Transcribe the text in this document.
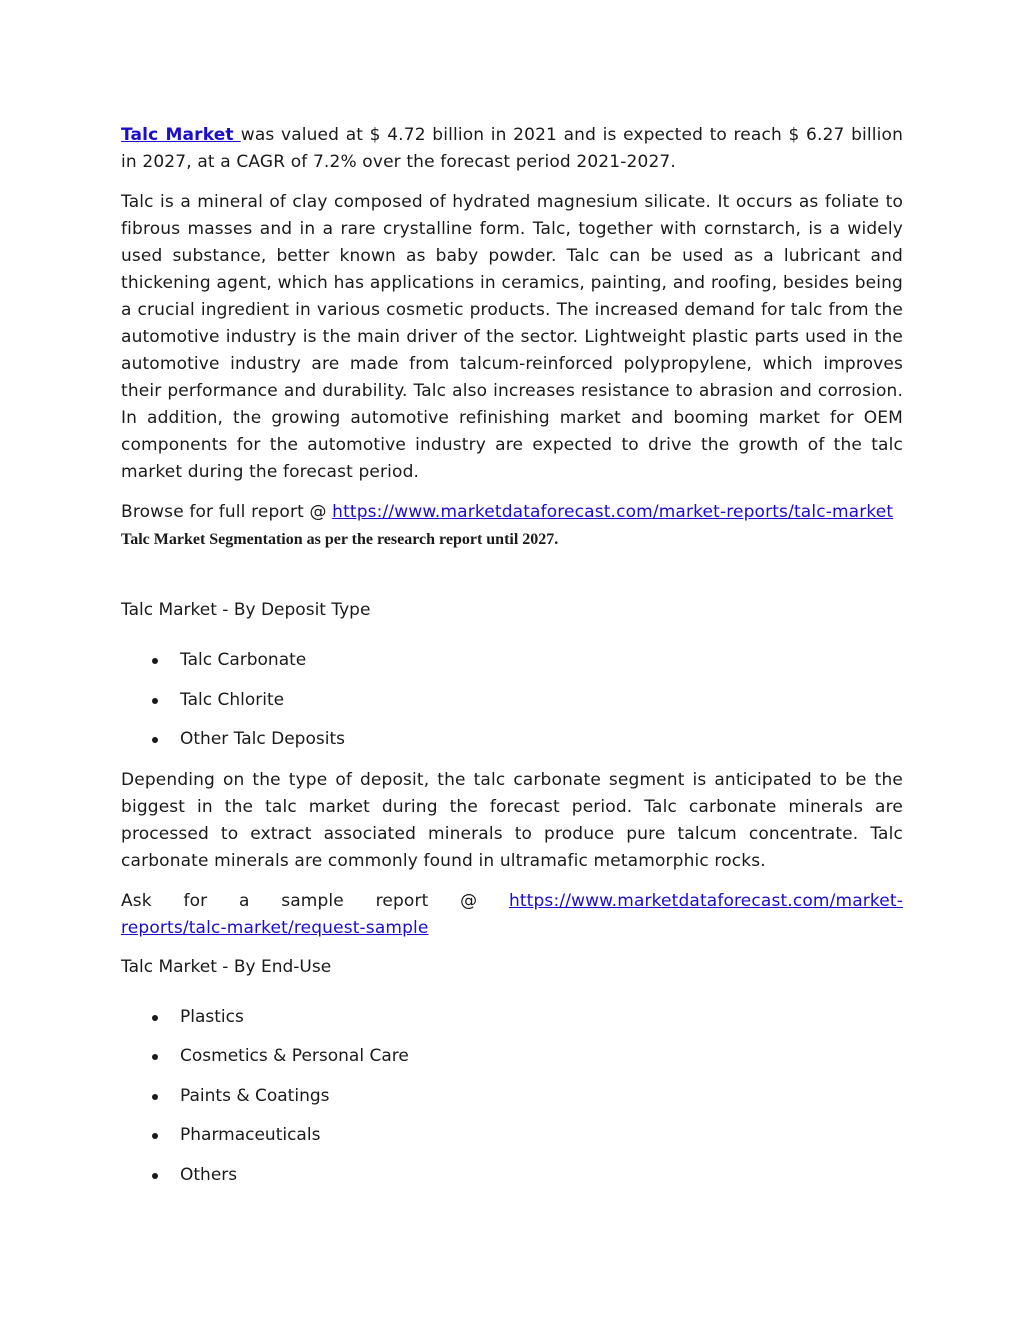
Talc Market was valued at $ 4.72 billion in 2021 and is expected to reach $ 6.27 billion in 2027, at a CAGR of 7.2% over the forecast period 2021-2027.

Talc is a mineral of clay composed of hydrated magnesium silicate. It occurs as foliate to fibrous masses and in a rare crystalline form. Talc, together with cornstarch, is a widely used substance, better known as baby powder. Talc can be used as a lubricant and thickening agent, which has applications in ceramics, painting, and roofing, besides being a crucial ingredient in various cosmetic products. The increased demand for talc from the automotive industry is the main driver of the sector. Lightweight plastic parts used in the automotive industry are made from talcum-reinforced polypropylene, which improves their performance and durability. Talc also increases resistance to abrasion and corrosion. In addition, the growing automotive refinishing market and booming market for OEM components for the automotive industry are expected to drive the growth of the talc market during the forecast period.

Browse for full report @ https://www.marketdataforecast.com/market-reports/talc-market

Talc Market Segmentation as per the research report until 2027.

Talc Market - By Deposit Type
Talc Carbonate
Talc Chlorite
Other Talc Deposits

Depending on the type of deposit, the talc carbonate segment is anticipated to be the biggest in the talc market during the forecast period. Talc carbonate minerals are processed to extract associated minerals to produce pure talcum concentrate. Talc carbonate minerals are commonly found in ultramafic metamorphic rocks.

Ask for a sample report @ https://www.marketdataforecast.com/market-reports/talc-market/request-sample

Talc Market - By End-Use
Plastics
Cosmetics & Personal Care
Paints & Coatings
Pharmaceuticals
Others
